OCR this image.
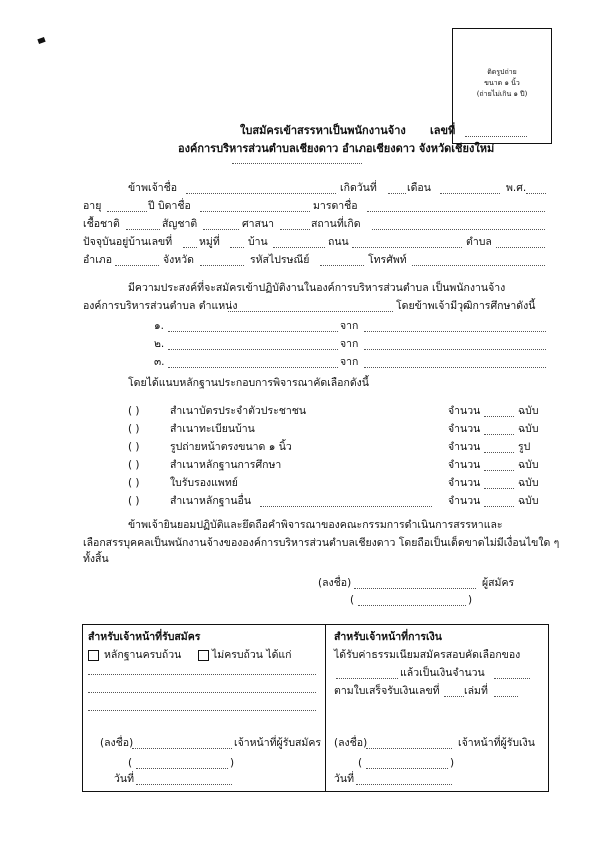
ติดรูปถ่าย
ขนาด ๑ นิ้ว
(ถ่ายไม่เกิน ๑ ปี)
ใบสมัครเข้าสรรหาเป็นพนักงานจ้าง เลขที่
องค์การบริหารส่วนตำบลเชียงดาว อำเภอเชียงดาว จังหวัดเชียงใหม่
ข้าพเจ้าชื่อ	เกิดวันที่	เดือน	พ.ศ.
อายุ	ปี บิดาชื่อ	มารดาชื่อ
เชื้อชาติ	สัญชาติ	ศาสนา	สถานที่เกิด
ปัจจุบันอยู่บ้านเลขที่	หมู่ที่	บ้าน	ถนน	ตำบล
อำเภอ	จังหวัด	รหัสไปรษณีย์	โทรศัพท์
มีความประสงค์ที่จะสมัครเข้าปฏิบัติงานในองค์การบริหารส่วนตำบล เป็นพนักงานจ้าง
องค์การบริหารส่วนตำบล ตำแหน่ง	โดยข้าพเจ้ามีวุฒิการศึกษาดังนี้
๑.	จาก
๒.	จาก
๓.	จาก
โดยได้แนบหลักฐานประกอบการพิจารณาคัดเลือกดังนี้
( )	สำเนาบัตรประจำตัวประชาชน	จำนวน	ฉบับ
( )	สำเนาทะเบียนบ้าน	จำนวน	ฉบับ
( )	รูปถ่ายหน้าตรงขนาด ๑ นิ้ว	จำนวน	รูป
( )	สำเนาหลักฐานการศึกษา	จำนวน	ฉบับ
( )	ใบรับรองแพทย์	จำนวน	ฉบับ
( )	สำเนาหลักฐานอื่น	จำนวน	ฉบับ
ข้าพเจ้ายินยอมปฏิบัติและยึดถือคำพิจารณาของคณะกรรมการดำเนินการสรรหาและ
เลือกสรรบุคคลเป็นพนักงานจ้างขององค์การบริหารส่วนตำบลเชียงดาว โดยถือเป็นเด็ดขาดไม่มีเงื่อนไขใด ๆ
ทั้งสิ้น
(ลงชื่อ)	ผู้สมัคร
(	)
สำหรับเจ้าหน้าที่รับสมัคร
หลักฐานครบถ้วน	ไม่ครบถ้วน ได้แก่
(ลงชื่อ)	เจ้าหน้าที่ผู้รับสมัคร
(	)
วันที่
สำหรับเจ้าหน้าที่การเงิน
ได้รับค่าธรรมเนียมสมัครสอบคัดเลือกของ
แล้วเป็นเงินจำนวน
ตามใบเสร็จรับเงินเลขที่ เล่มที่
(ลงชื่อ)	เจ้าหน้าที่ผู้รับเงิน
(	)
วันที่
